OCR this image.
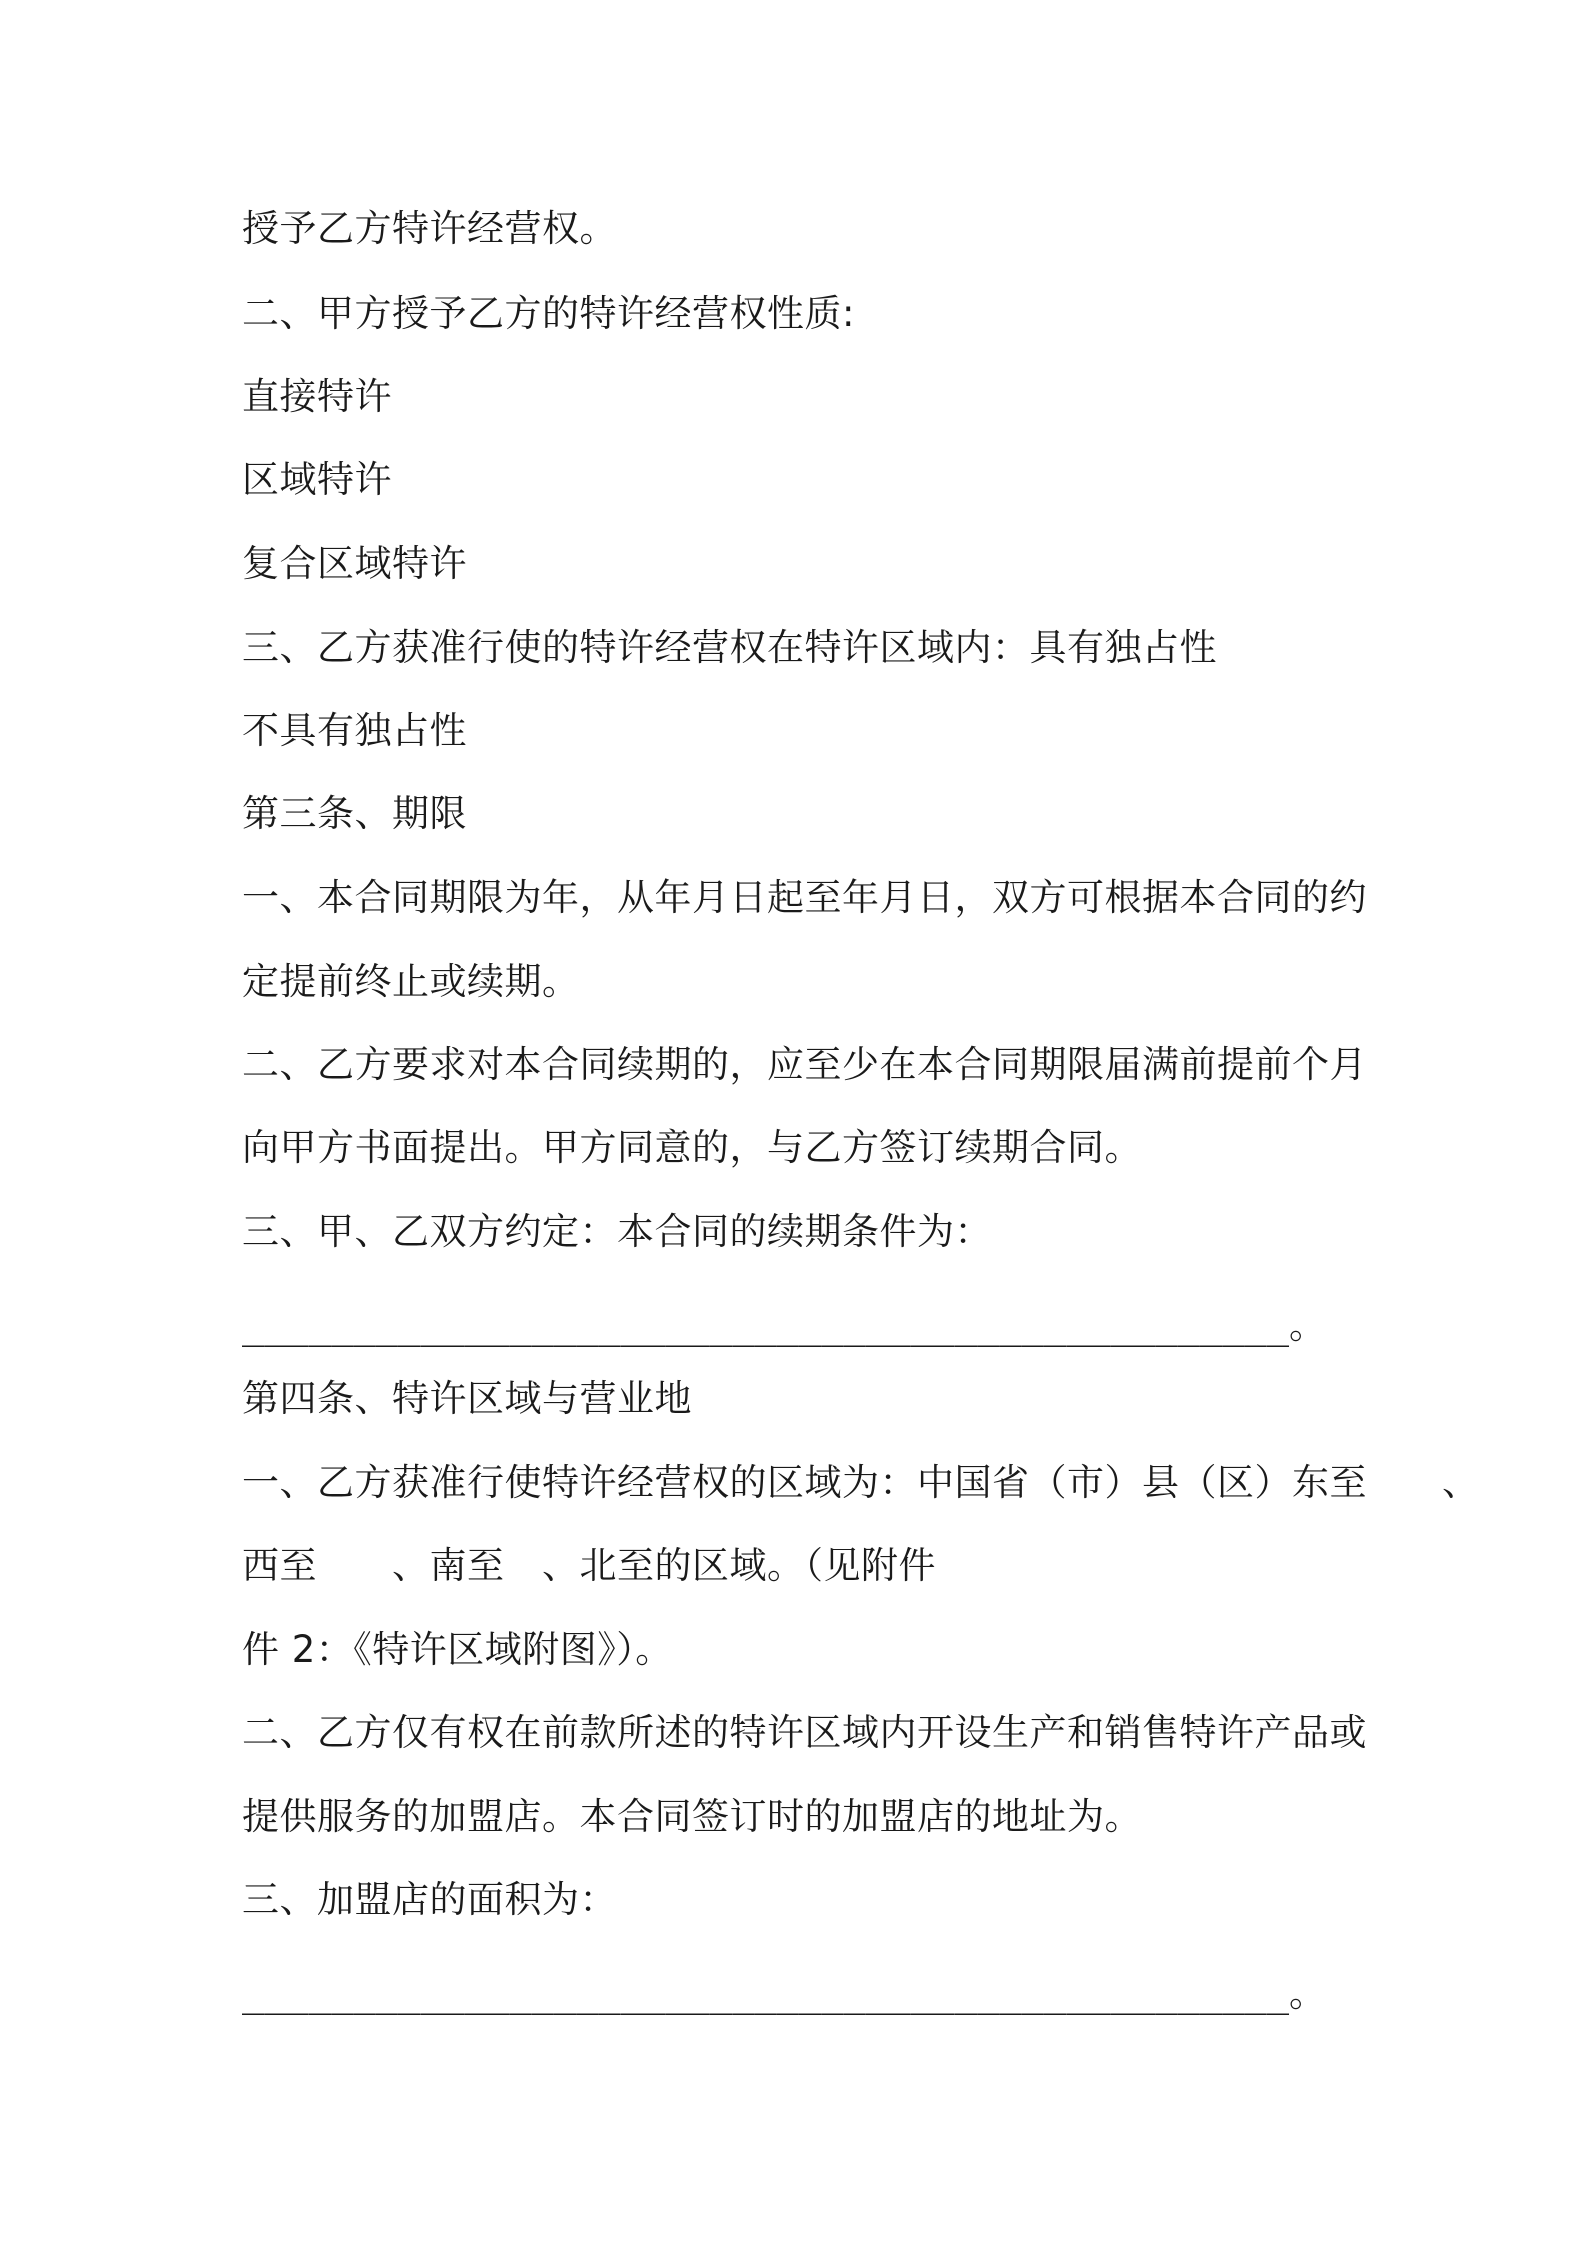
授予乙方特许经营权。
二、甲方授予乙方的特许经营权性质:
直接特许
区域特许
复合区域特许
三、乙方获准行使的特许经营权在特许区域内：具有独占性
不具有独占性
第三条、期限
一、本合同期限为年，从年月日起至年月日，双方可根据本合同的约
定提前终止或续期。
二、乙方要求对本合同续期的，应至少在本合同期限届满前提前个月
向甲方书面提出。甲方同意的，与乙方签订续期合同。
三、甲、乙双方约定：本合同的续期条件为：
_______________________________________________。
第四条、特许区域与营业地
一、乙方获准行使特许经营权的区域为：中国省（市）县（区）东至　　、
西至　　、南至　、北至的区域。（见附件
件 2：《特许区域附图》）。
二、乙方仅有权在前款所述的特许区域内开设生产和销售特许产品或
提供服务的加盟店。本合同签订时的加盟店的地址为。
三、加盟店的面积为：
_______________________________________________。
